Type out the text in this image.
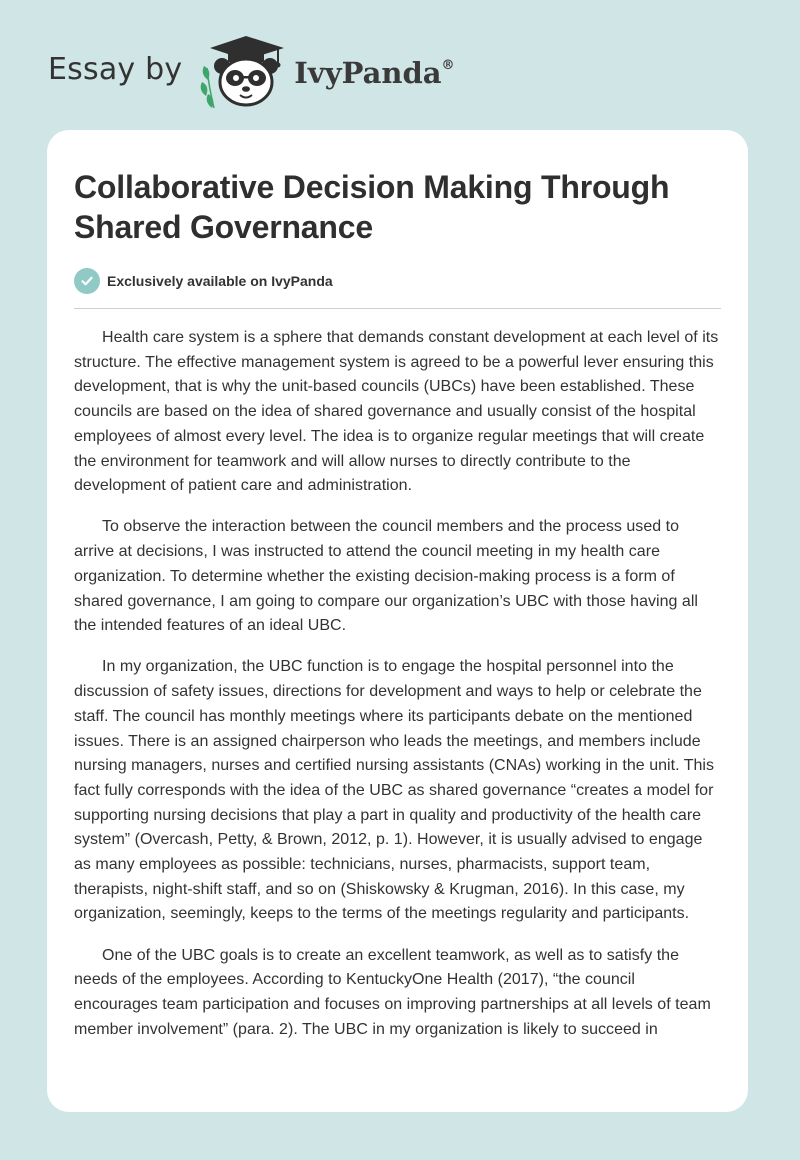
Essay by	IvyPanda®
Collaborative Decision Making Through Shared Governance
Exclusively available on IvyPanda

Health care system is a sphere that demands constant development at each level of its structure. The effective management system is agreed to be a powerful lever ensuring this development, that is why the unit-based councils (UBCs) have been established. These councils are based on the idea of shared governance and usually consist of the hospital employees of almost every level. The idea is to organize regular meetings that will create the environment for teamwork and will allow nurses to directly contribute to the development of patient care and administration.

To observe the interaction between the council members and the process used to arrive at decisions, I was instructed to attend the council meeting in my health care organization. To determine whether the existing decision-making process is a form of shared governance, I am going to compare our organization’s UBC with those having all the intended features of an ideal UBC.

In my organization, the UBC function is to engage the hospital personnel into the discussion of safety issues, directions for development and ways to help or celebrate the staff. The council has monthly meetings where its participants debate on the mentioned issues. There is an assigned chairperson who leads the meetings, and members include nursing managers, nurses and certified nursing assistants (CNAs) working in the unit. This fact fully corresponds with the idea of the UBC as shared governance “creates a model for supporting nursing decisions that play a part in quality and productivity of the health care system” (Overcash, Petty, & Brown, 2012, p. 1). However, it is usually advised to engage as many employees as possible: technicians, nurses, pharmacists, support team, therapists, night-shift staff, and so on (Shiskowsky & Krugman, 2016). In this case, my organization, seemingly, keeps to the terms of the meetings regularity and participants.

One of the UBC goals is to create an excellent teamwork, as well as to satisfy the needs of the employees. According to KentuckyOne Health (2017), “the council encourages team participation and focuses on improving partnerships at all levels of team member involvement” (para. 2). The UBC in my organization is likely to succeed in
